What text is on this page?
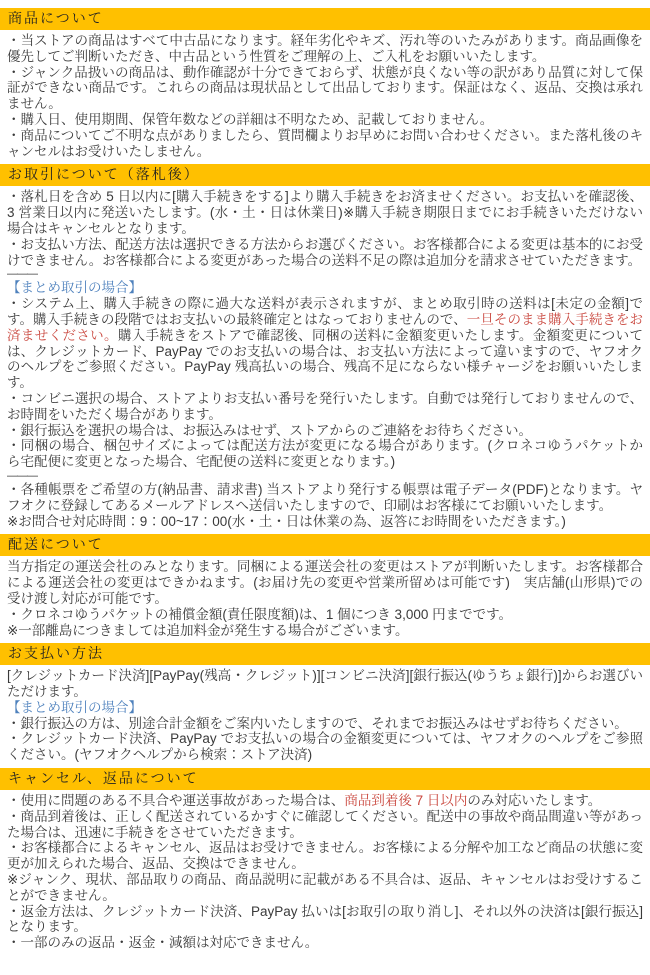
商品について

・当ストアの商品はすべて中古品になります。経年劣化やキズ、汚れ等のいたみがあります。商品画像を優先してご判断いただき、中古品という性質をご理解の上、ご入札をお願いいたします。

・ジャンク品扱いの商品は、動作確認が十分できておらず、状態が良くない等の訳があり品質に対して保証ができない商品です。これらの商品は現状品として出品しております。保証はなく、返品、交換は承れません。

・購入日、使用期間、保管年数などの詳細は不明なため、記載しておりません。

・商品についてご不明な点がありましたら、質問欄よりお早めにお問い合わせください。また落札後のキャンセルはお受けいたしません。

お取引について（落札後）

・落札日を含め 5 日以内に[購入手続きをする]より購入手続きをお済ませください。お支払いを確認後、3 営業日以内に発送いたします。(水・土・日は休業日)※購入手続き期限日までにお手続きいただけない場合はキャンセルとなります。

・お支払い方法、配送方法は選択できる方法からお選びください。お客様都合による変更は基本的にお受けできません。お客様都合による変更があった場合の送料不足の際は追加分を請求させていただきます。

———

【まとめ取引の場合】

・システム上、購入手続きの際に過大な送料が表示されますが、まとめ取引時の送料は[未定の金額]です。購入手続きの段階ではお支払いの最終確定とはなっておりませんので、一旦そのまま購入手続きをお済ませください。購入手続きをストアで確認後、同梱の送料に金額変更いたします。金額変更については、クレジットカード、PayPay でのお支払いの場合は、お支払い方法によって違いますので、ヤフオクのヘルプをご参照ください。PayPay 残高払いの場合、残高不足にならない様チャージをお願いいたします。

・コンビニ選択の場合、ストアよりお支払い番号を発行いたします。自動では発行しておりませんので、お時間をいただく場合があります。

・銀行振込を選択の場合は、お振込みはせず、ストアからのご連絡をお待ちください。

・同梱の場合、梱包サイズによっては配送方法が変更になる場合があります。(クロネコゆうパケットから宅配便に変更となった場合、宅配便の送料に変更となります。)

———

・各種帳票をご希望の方(納品書、請求書) 当ストアより発行する帳票は電子データ(PDF)となります。ヤフオクに登録してあるメールアドレスへ送信いたしますので、印刷はお客様にてお願いいたします。

※お問合せ対応時間：9：00~17：00(水・土・日は休業の為、返答にお時間をいただきます。)

配送について

当方指定の運送会社のみとなります。同梱による運送会社の変更はストアが判断いたします。お客様都合による運送会社の変更はできかねます。(お届け先の変更や営業所留めは可能です)　実店舗(山形県)での受け渡し対応が可能です。

・クロネコゆうパケットの補償金額(責任限度額)は、1 個につき 3,000 円までです。

※一部離島につきましては追加料金が発生する場合がございます。

お支払い方法

[クレジットカード決済][PayPay(残高・クレジット)][コンビニ決済][銀行振込(ゆうちょ銀行)]からお選びいただけます。

【まとめ取引の場合】

・銀行振込の方は、別途合計金額をご案内いたしますので、それまでお振込みはせずお待ちください。

・クレジットカード決済、PayPay でお支払いの場合の金額変更については、ヤフオクのヘルプをご参照ください。(ヤフオクヘルプから検索：ストア決済)

キャンセル、返品について

・使用に問題のある不具合や運送事故があった場合は、商品到着後 7 日以内のみ対応いたします。

・商品到着後は、正しく配送されているかすぐに確認してください。配送中の事故や商品間違い等があった場合は、迅速に手続きをさせていただきます。

・お客様都合によるキャンセル、返品はお受けできません。お客様による分解や加工など商品の状態に変更が加えられた場合、返品、交換はできません。

※ジャンク、現状、部品取りの商品、商品説明に記載がある不具合は、返品、キャンセルはお受けすることができません。

・返金方法は、クレジットカード決済、PayPay 払いは[お取引の取り消し]、それ以外の決済は[銀行振込]となります。

・一部のみの返品・返金・減額は対応できません。
